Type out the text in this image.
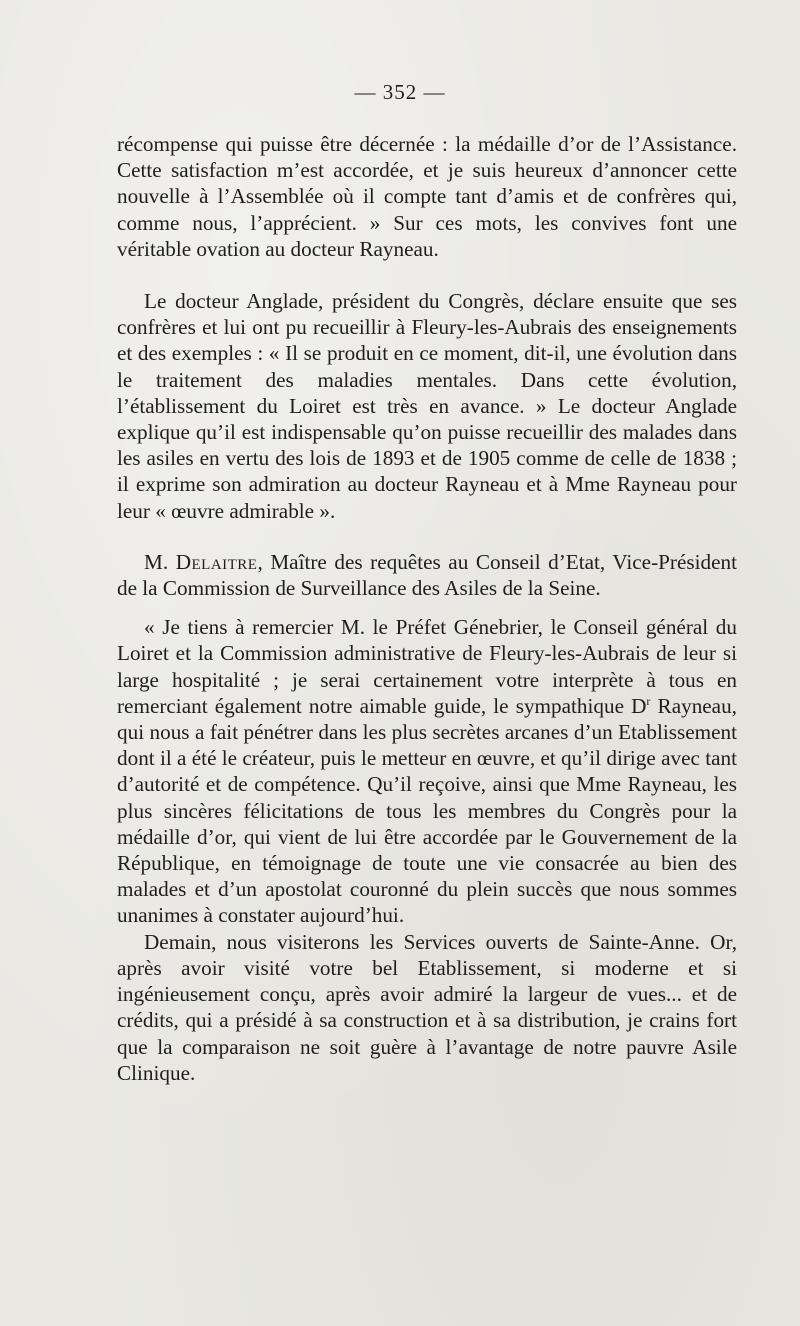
— 352 —

récompense qui puisse être décernée : la médaille d’or de l’Assistance. Cette satisfaction m’est accordée, et je suis heureux d’annoncer cette nouvelle à l’Assemblée où il compte tant d’amis et de confrères qui, comme nous, l’apprécient. » Sur ces mots, les convives font une véritable ovation au docteur Rayneau.

Le docteur Anglade, président du Congrès, déclare ensuite que ses confrères et lui ont pu recueillir à Fleury-les-Aubrais des enseignements et des exemples : « Il se produit en ce moment, dit-il, une évolution dans le traitement des maladies mentales. Dans cette évolution, l’établissement du Loiret est très en avance. » Le docteur Anglade explique qu’il est indispensable qu’on puisse recueillir des malades dans les asiles en vertu des lois de 1893 et de 1905 comme de celle de 1838 ; il exprime son admiration au docteur Rayneau et à Mme Rayneau pour leur « œuvre admirable ».

M. Delaitre, Maître des requêtes au Conseil d’Etat, Vice-Président de la Commission de Surveillance des Asiles de la Seine.

« Je tiens à remercier M. le Préfet Génebrier, le Conseil général du Loiret et la Commission administrative de Fleury-les-Aubrais de leur si large hospitalité ; je serai certainement votre interprète à tous en remerciant également notre aimable guide, le sympathique $D^r$ Rayneau, qui nous a fait pénétrer dans les plus secrètes arcanes d’un Etablissement dont il a été le créateur, puis le metteur en œuvre, et qu’il dirige avec tant d’autorité et de compétence. Qu’il reçoive, ainsi que Mme Rayneau, les plus sincères félicitations de tous les membres du Congrès pour la médaille d’or, qui vient de lui être accordée par le Gouvernement de la République, en témoignage de toute une vie consacrée au bien des malades et d’un apostolat couronné du plein succès que nous sommes unanimes à constater aujourd’hui.

Demain, nous visiterons les Services ouverts de Sainte-Anne. Or, après avoir visité votre bel Etablissement, si moderne et si ingénieusement conçu, après avoir admiré la largeur de vues... et de crédits, qui a présidé à sa construction et à sa distribution, je crains fort que la comparaison ne soit guère à l’avantage de notre pauvre Asile Clinique.
